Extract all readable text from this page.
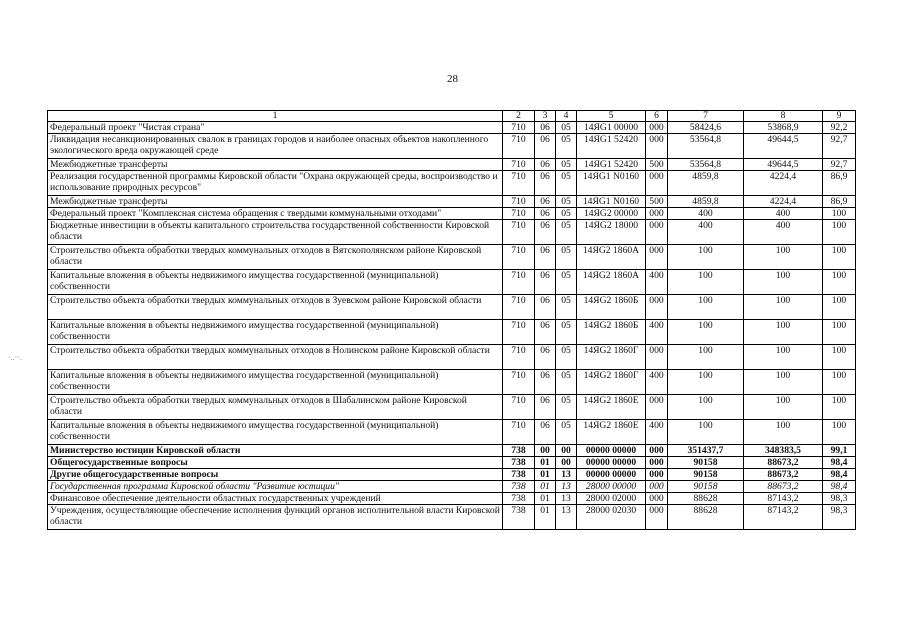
28
1	2	3	4	5	6	7	8	9
Федеральный проект "Чистая страна"	710	06	05	14ЯG1 00000	000	58424,6	53868,9	92,2
Ликвидация несанкционированных свалок в границах городов и наиболее опасных объектов накопленного экологического вреда окружающей среде	710	06	05	14ЯG1 52420	000	53564,8	49644,5	92,7
Межбюджетные трансферты	710	06	05	14ЯG1 52420	500	53564,8	49644,5	92,7
Реализация государственной программы Кировской области "Охрана окружающей среды, воспроизводство и использование природных ресурсов"	710	06	05	14ЯG1 N0160	000	4859,8	4224,4	86,9
Межбюджетные трансферты	710	06	05	14ЯG1 N0160	500	4859,8	4224,4	86,9
Федеральный проект "Комплексная система обращения с твердыми коммунальными отходами"	710	06	05	14ЯG2 00000	000	400	400	100
Бюджетные инвестиции в объекты капитального строительства государственной собственности Кировской области	710	06	05	14ЯG2 18000	000	400	400	100
Строительство объекта обработки твердых коммунальных отходов в Вятскополянском районе Кировской области	710	06	05	14ЯG2 1860А	000	100	100	100
Капитальные вложения в объекты недвижимого имущества государственной (муниципальной) собственности	710	06	05	14ЯG2 1860А	400	100	100	100
Строительство объекта обработки твердых коммунальных отходов в Зуевском районе Кировской области	710	06	05	14ЯG2 1860Б	000	100	100	100
Капитальные вложения в объекты недвижимого имущества государственной (муниципальной) собственности	710	06	05	14ЯG2 1860Б	400	100	100	100
Строительство объекта обработки твердых коммунальных отходов в Нолинском районе Кировской области	710	06	05	14ЯG2 1860Г	000	100	100	100
Капитальные вложения в объекты недвижимого имущества государственной (муниципальной) собственности	710	06	05	14ЯG2 1860Г	400	100	100	100
Строительство объекта обработки твердых коммунальных отходов в Шабалинском районе Кировской области	710	06	05	14ЯG2 1860Е	000	100	100	100
Капитальные вложения в объекты недвижимого имущества государственной (муниципальной) собственности	710	06	05	14ЯG2 1860Е	400	100	100	100
Министерство юстиции Кировской области	738	00	00	00000 00000	000	351437,7	348383,5	99,1
Общегосударственные вопросы	738	01	00	00000 00000	000	90158	88673,2	98,4
Другие общегосударственные вопросы	738	01	13	00000 00000	000	90158	88673,2	98,4
Государственная программа Кировской области "Развитие юстиции"	738	01	13	28000 00000	000	90158	88673,2	98,4
Финансовое обеспечение деятельности областных государственных учреждений	738	01	13	28000 02000	000	88628	87143,2	98,3
Учреждения, осуществляющие обеспечение исполнения функций органов исполнительной власти Кировской области	738	01	13	28000 02030	000	88628	87143,2	98,3
·..··.
